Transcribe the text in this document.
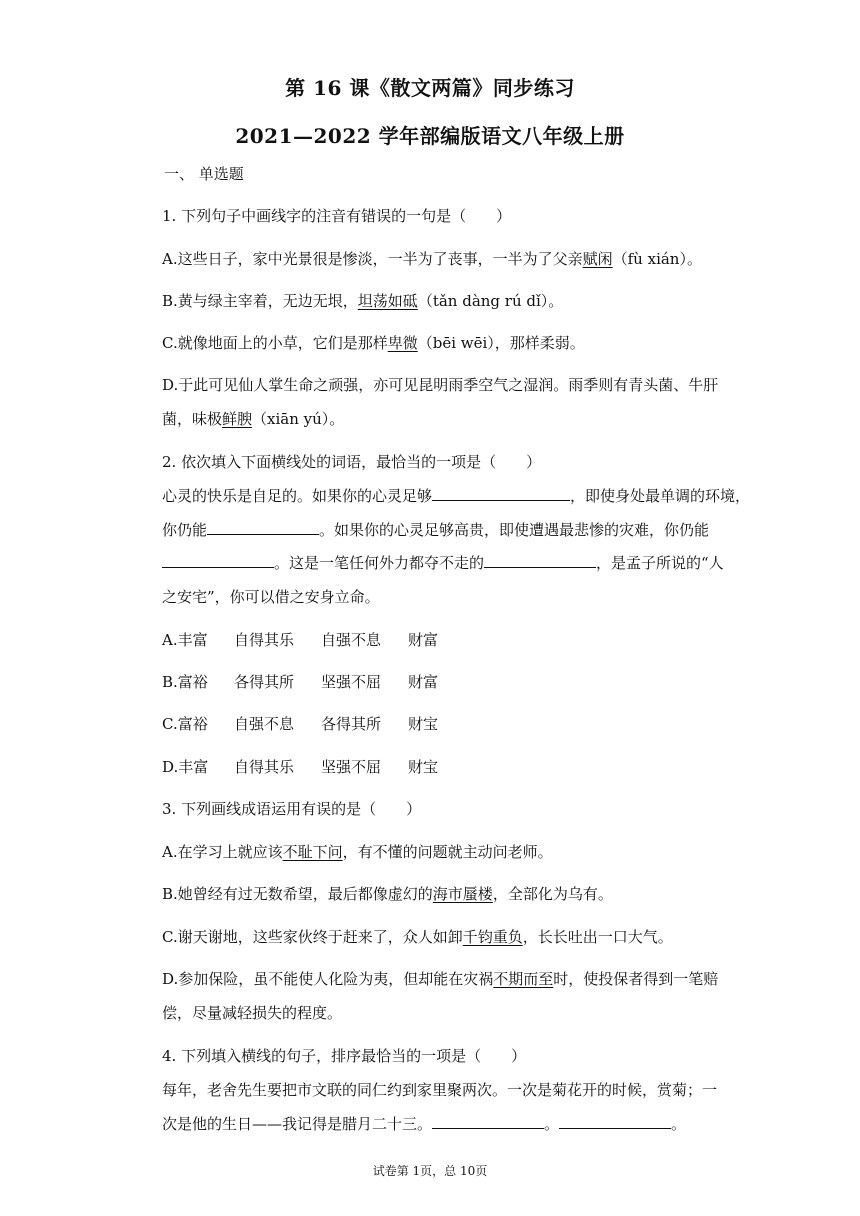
第 16 课《散文两篇》同步练习
2021—2022 学年部编版语文八年级上册
一、 单选题
1. 下列句子中画线字的注音有错误的一句是（　　）
A.这些日子，家中光景很是惨淡，一半为了丧事，一半为了父亲赋闲（fù xián）。
B.黄与绿主宰着，无边无垠，坦荡如砥（tǎn dàng rú dǐ）。
C.就像地面上的小草，它们是那样卑微（bēi wēi），那样柔弱。
D.于此可见仙人掌生命之顽强，亦可见昆明雨季空气之湿润。雨季则有青头菌、牛肝
菌，味极鲜腴（xiān yú）。
2. 依次填入下面横线处的词语，最恰当的一项是（　　）
心灵的快乐是自足的。如果你的心灵足够	，即使身处最单调的环境，
你仍能	。如果你的心灵足够高贵，即使遭遇最悲惨的灾难，你仍能
。这是一笔任何外力都夺不走的	，是孟子所说的“人
之安宅”，你可以借之安身立命。
A.丰富 自得其乐 自强不息 财富
B.富裕 各得其所 坚强不屈 财富
C.富裕 自强不息 各得其所 财宝
D.丰富 自得其乐 坚强不屈 财宝
3. 下列画线成语运用有误的是（　　）
A.在学习上就应该不耻下问，有不懂的问题就主动问老师。
B.她曾经有过无数希望，最后都像虚幻的海市蜃楼，全部化为乌有。
C.谢天谢地，这些家伙终于赶来了，众人如卸千钧重负，长长吐出一口大气。
D.参加保险，虽不能使人化险为夷，但却能在灾祸不期而至时，使投保者得到一笔赔
偿，尽量减轻损失的程度。
4. 下列填入横线的句子，排序最恰当的一项是（　　）
每年，老舍先生要把市文联的同仁约到家里聚两次。一次是菊花开的时候，赏菊；一
次是他的生日——我记得是腊月二十三。	。	。
试卷第 1页，总 10页
